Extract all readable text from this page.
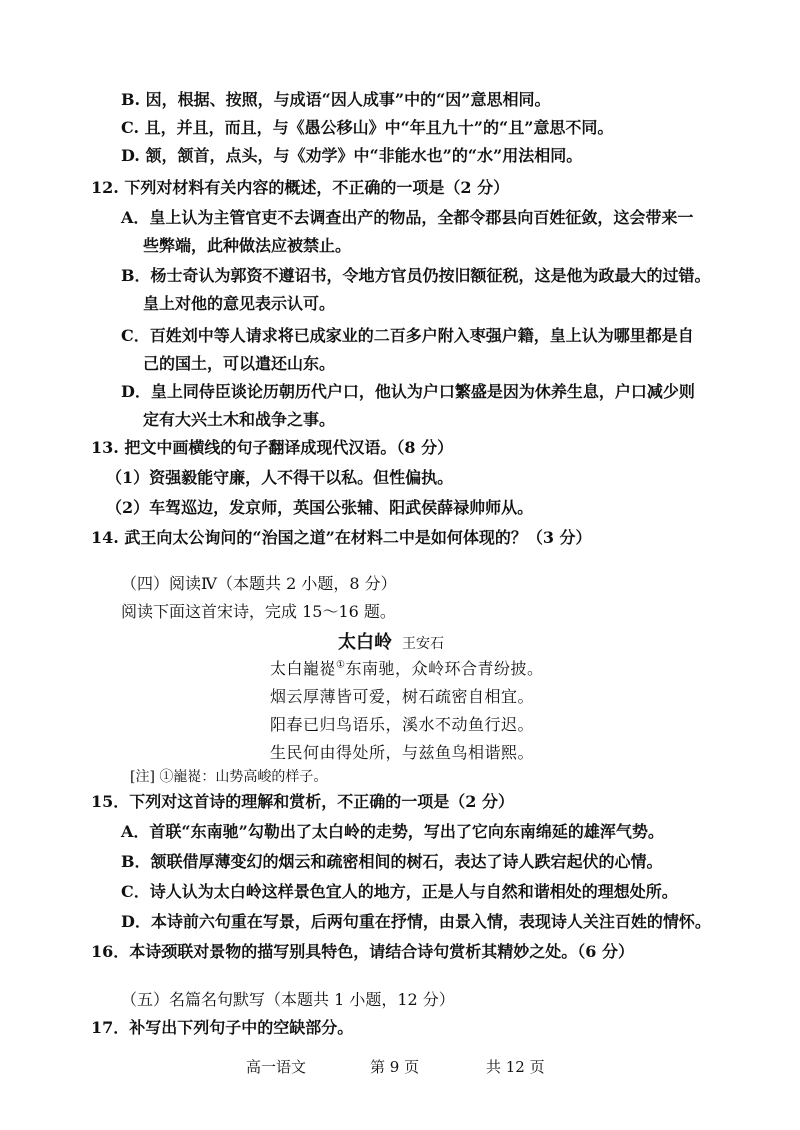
B. 因，根据、按照，与成语“因人成事”中的“因”意思相同。
C. 且，并且，而且，与《愚公移山》中“年且九十”的“且”意思不同。
D. 颔，颔首，点头，与《劝学》中“非能水也”的“水”用法相同。
12. 下列对材料有关内容的概述，不正确的一项是（2 分）
A．皇上认为主管官吏不去调查出产的物品，全都令郡县向百姓征敛，这会带来一
些弊端，此种做法应被禁止。
B．杨士奇认为郭资不遵诏书，令地方官员仍按旧额征税，这是他为政最大的过错。
皇上对他的意见表示认可。
C．百姓刘中等人请求将已成家业的二百多户附入枣强户籍，皇上认为哪里都是自
己的国土，可以遣还山东。
D．皇上同侍臣谈论历朝历代户口，他认为户口繁盛是因为休养生息，户口减少则
定有大兴土木和战争之事。
13. 把文中画横线的句子翻译成现代汉语。（8 分）
（1）资强毅能守廉，人不得干以私。但性偏执。
（2）车驾巡边，发京师，英国公张辅、阳武侯薛禄帅师从。
14. 武王向太公询问的“治国之道”在材料二中是如何体现的？（3 分）
（四）阅读Ⅳ（本题共 2 小题，8 分）
阅读下面这首宋诗，完成 15～16 题。
太白岭 王安石
太白巃嵸①东南驰，众岭环合青纷披。
烟云厚薄皆可爱，树石疏密自相宜。
阳春已归鸟语乐，溪水不动鱼行迟。
生民何由得处所，与兹鱼鸟相谐熙。
[注] ①巃嵸：山势高峻的样子。
15．下列对这首诗的理解和赏析，不正确的一项是（2 分）
A．首联“东南驰”勾勒出了太白岭的走势，写出了它向东南绵延的雄浑气势。
B．颔联借厚薄变幻的烟云和疏密相间的树石，表达了诗人跌宕起伏的心情。
C．诗人认为太白岭这样景色宜人的地方，正是人与自然和谐相处的理想处所。
D．本诗前六句重在写景，后两句重在抒情，由景入情，表现诗人关注百姓的情怀。
16．本诗颈联对景物的描写别具特色，请结合诗句赏析其精妙之处。（6 分）
（五）名篇名句默写（本题共 1 小题，12 分）
17．补写出下列句子中的空缺部分。
高一语文	第 9 页	共 12 页
